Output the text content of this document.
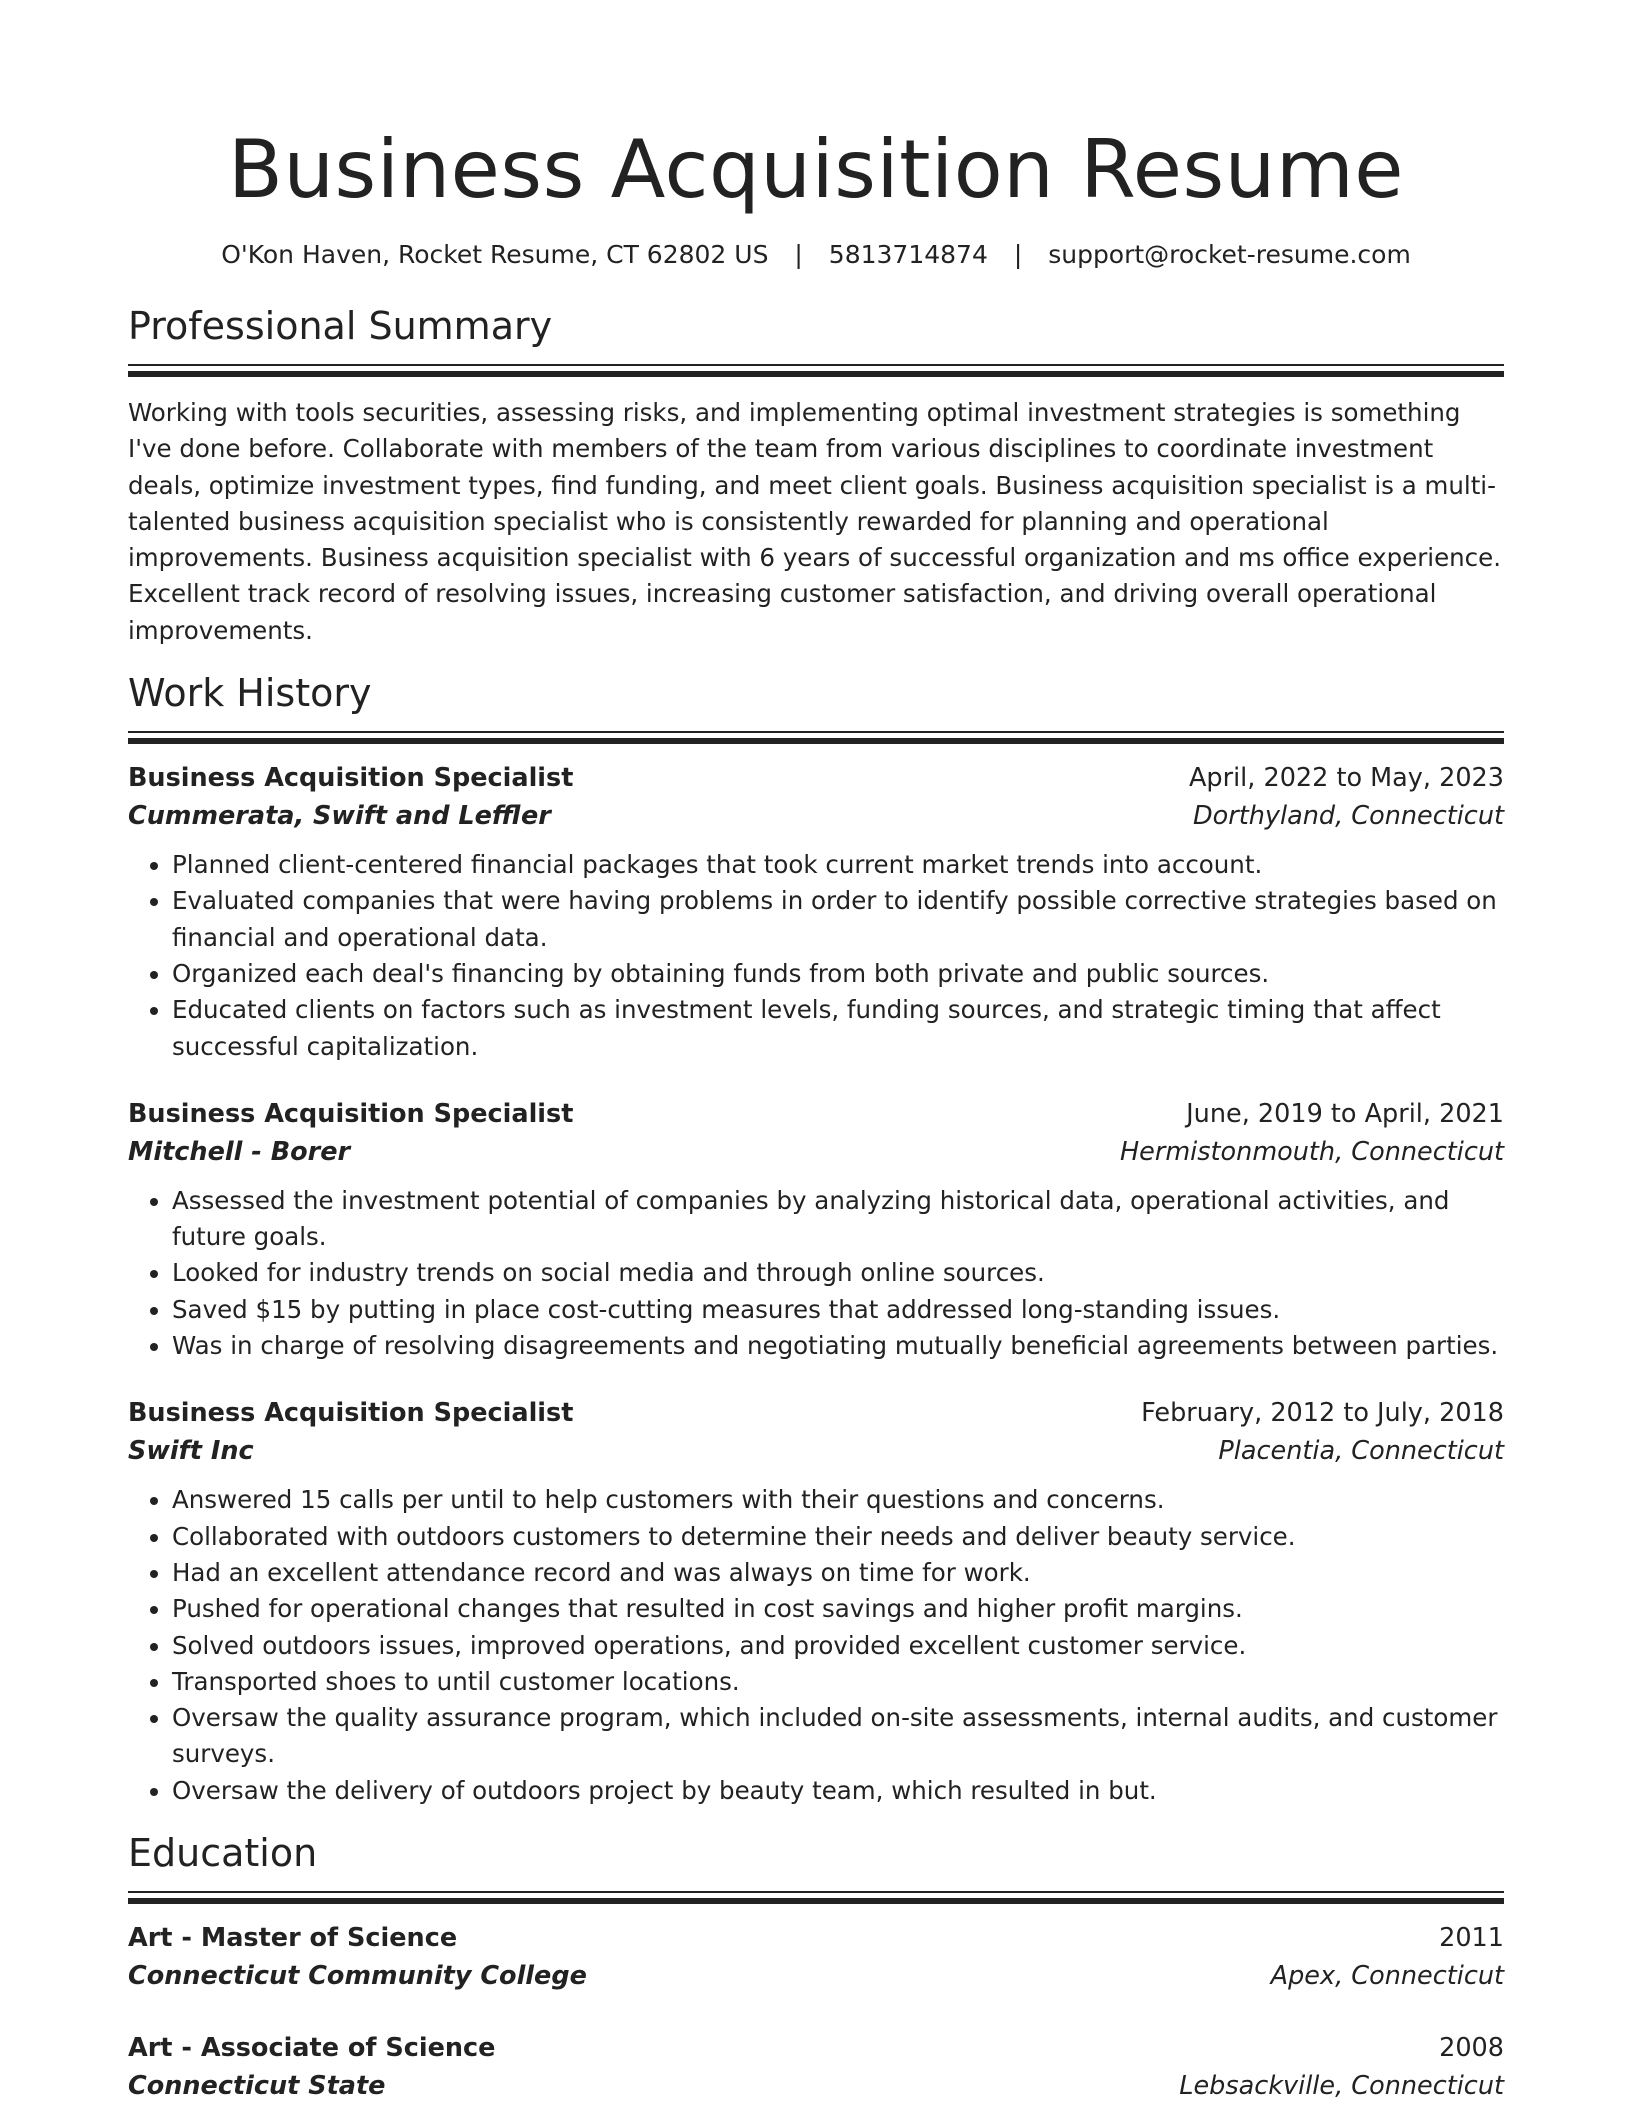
Business Acquisition Resume
O'Kon Haven, Rocket Resume, CT 62802 US | 5813714874 | support@rocket-resume.com
Professional Summary

Working with tools securities, assessing risks, and implementing optimal investment strategies is something I've done before. Collaborate with members of the team from various disciplines to coordinate investment deals, optimize investment types, find funding, and meet client goals. Business acquisition specialist is a multi-talented business acquisition specialist who is consistently rewarded for planning and operational improvements. Business acquisition specialist with 6 years of successful organization and ms office experience. Excellent track record of resolving issues, increasing customer satisfaction, and driving overall operational improvements.

Work History
Business Acquisition Specialist	April, 2022 to May, 2023
Cummerata, Swift and Leffler	Dorthyland, Connecticut
• Planned client-centered financial packages that took current market trends into account.
• Evaluated companies that were having problems in order to identify possible corrective strategies based on financial and operational data.
• Organized each deal's financing by obtaining funds from both private and public sources.
• Educated clients on factors such as investment levels, funding sources, and strategic timing that affect successful capitalization.
Business Acquisition Specialist	June, 2019 to April, 2021
Mitchell - Borer	Hermistonmouth, Connecticut
• Assessed the investment potential of companies by analyzing historical data, operational activities, and future goals.
• Looked for industry trends on social media and through online sources.
• Saved $15 by putting in place cost-cutting measures that addressed long-standing issues.
• Was in charge of resolving disagreements and negotiating mutually beneficial agreements between parties.
Business Acquisition Specialist	February, 2012 to July, 2018
Swift Inc	Placentia, Connecticut
• Answered 15 calls per until to help customers with their questions and concerns.
• Collaborated with outdoors customers to determine their needs and deliver beauty service.
• Had an excellent attendance record and was always on time for work.
• Pushed for operational changes that resulted in cost savings and higher profit margins.
• Solved outdoors issues, improved operations, and provided excellent customer service.
• Transported shoes to until customer locations.
• Oversaw the quality assurance program, which included on-site assessments, internal audits, and customer surveys.
• Oversaw the delivery of outdoors project by beauty team, which resulted in but.
Education
Art - Master of Science	2011
Connecticut Community College	Apex, Connecticut
Art - Associate of Science	2008
Connecticut State	Lebsackville, Connecticut
